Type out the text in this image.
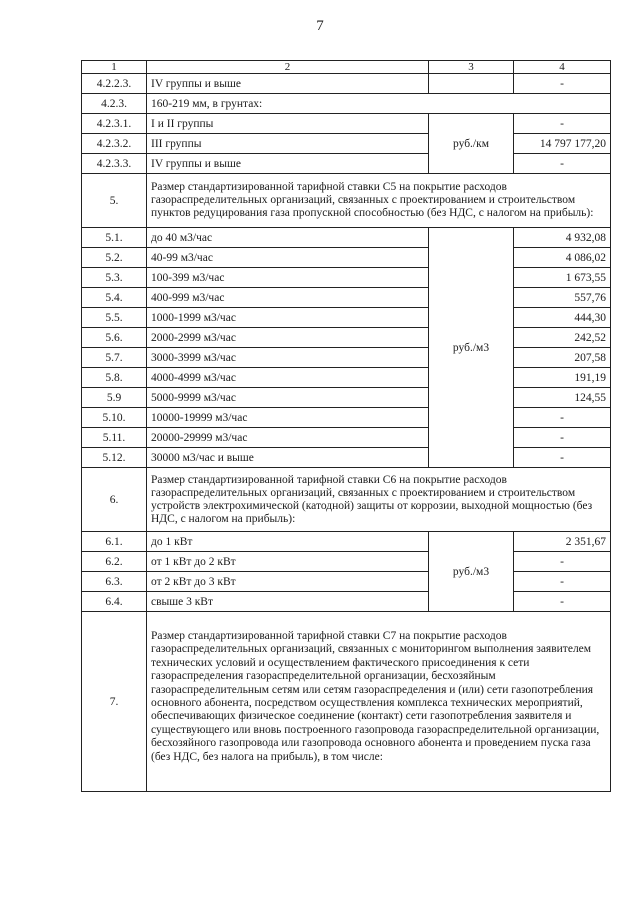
7
1	2	3	4
4.2.2.3.	IV группы и выше		-
4.2.3.	160-219 мм, в грунтах:		
4.2.3.1.	I и II группы	руб./км	-
4.2.3.2.	III группы		14 797 177,20
4.2.3.3.	IV группы и выше		-
5.	Размер стандартизированной тарифной ставки С5 на покрытие расходов газораспределительных организаций, связанных с проектированием и строительством пунктов редуцирования газа пропускной способностью (без НДС, с налогом на прибыль):		
5.1.	до 40 м3/час	руб./м3	4 932,08
5.2.	40-99 м3/час		4 086,02
5.3.	100-399 м3/час		1 673,55
5.4.	400-999 м3/час		557,76
5.5.	1000-1999 м3/час		444,30
5.6.	2000-2999 м3/час		242,52
5.7.	3000-3999 м3/час		207,58
5.8.	4000-4999 м3/час		191,19
5.9	5000-9999 м3/час		124,55
5.10.	10000-19999 м3/час		-
5.11.	20000-29999 м3/час		-
5.12.	30000 м3/час и выше		-
6.	Размер стандартизированной тарифной ставки С6 на покрытие расходов газораспределительных организаций, связанных с проектированием и строительством устройств электрохимической (катодной) защиты от коррозии, выходной мощностью (без НДС, с налогом на прибыль):		
6.1.	до 1 кВт	руб./м3	2 351,67
6.2.	от 1 кВт до 2 кВт		-
6.3.	от 2 кВт до 3 кВт		-
6.4.	свыше 3 кВт		-
7.	Размер стандартизированной тарифной ставки С7 на покрытие расходов газораспределительных организаций, связанных с мониторингом выполнения заявителем технических условий и осуществлением фактического присоединения к сети газораспределения газораспределительной организации, бесхозяйным газораспределительным сетям или сетям газораспределения и (или) сети газопотребления основного абонента, посредством осуществления комплекса технических мероприятий, обеспечивающих физическое соединение (контакт) сети газопотребления заявителя и существующего или вновь построенного газопровода газораспределительной организации, бесхозяйного газопровода или газопровода основного абонента и проведением пуска газа (без НДС, без налога на прибыль), в том числе:		
